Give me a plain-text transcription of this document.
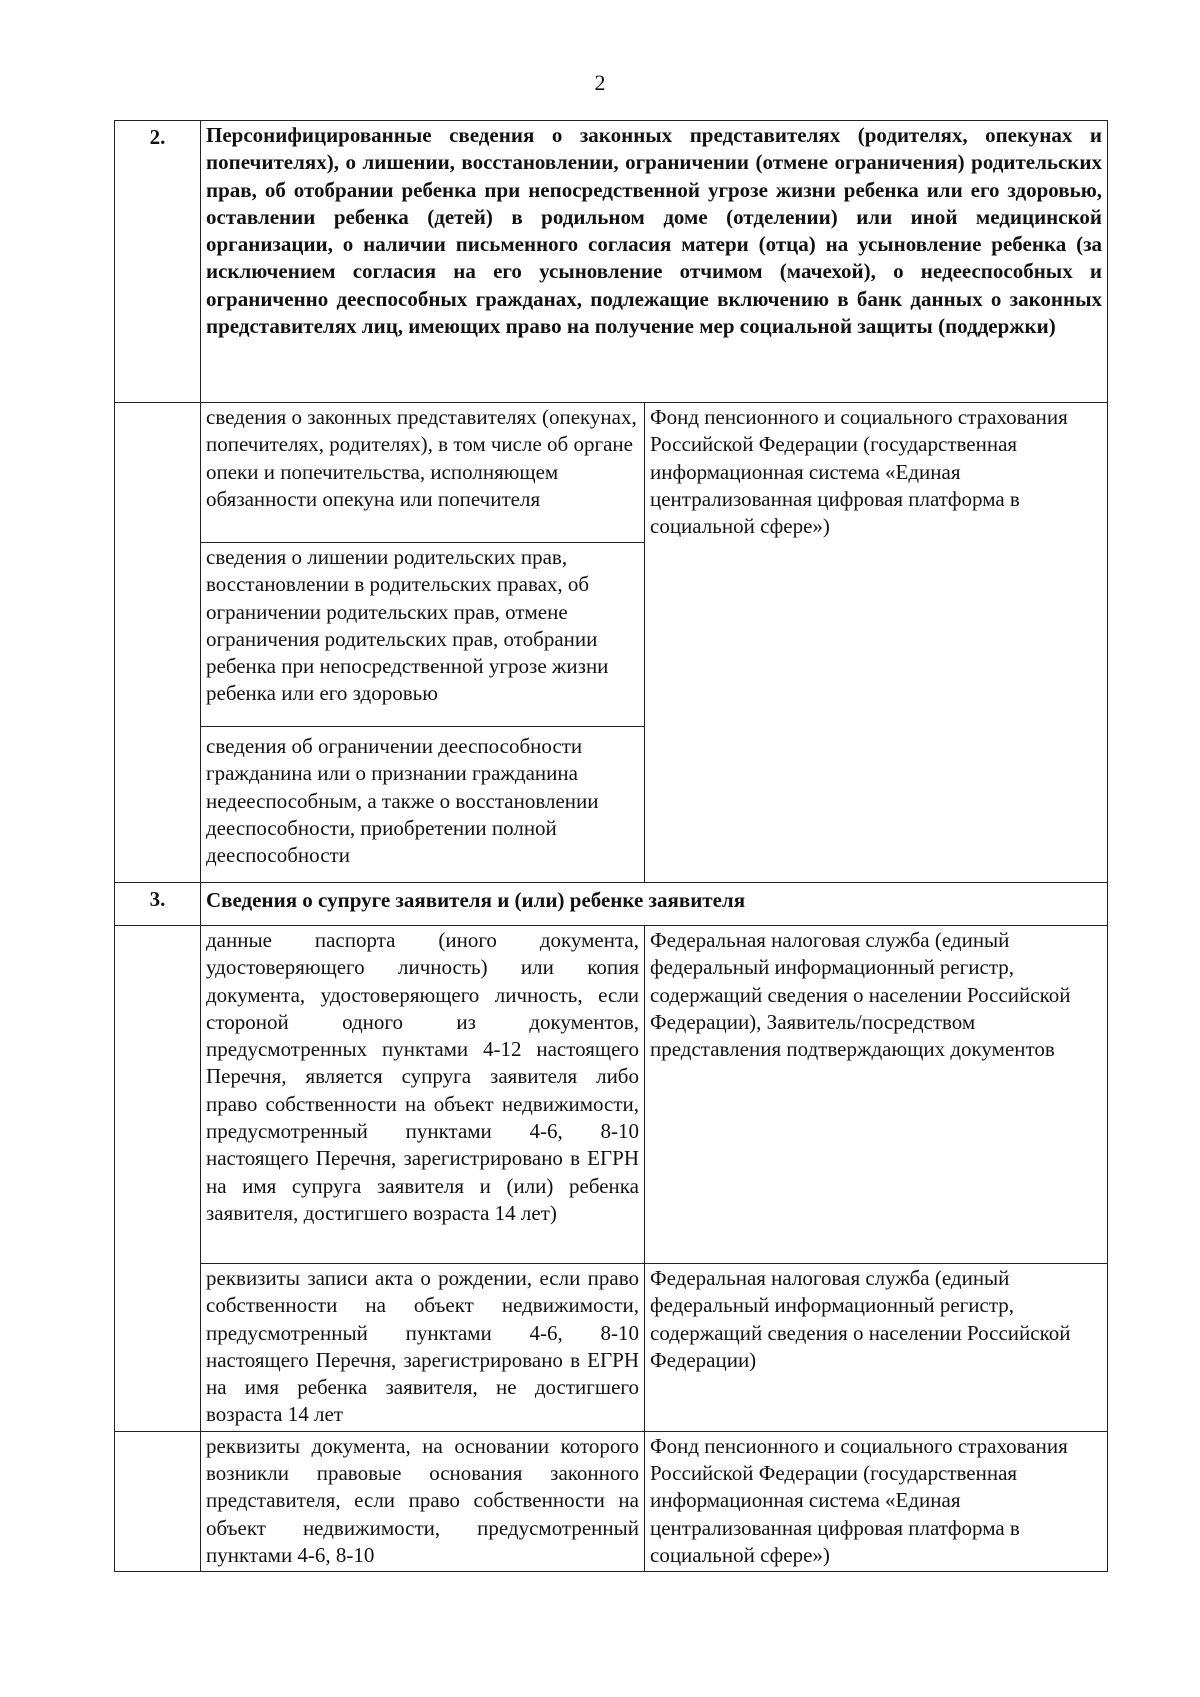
2
2.	Персонифицированные сведения о законных представителях (родителях, опекунах и попечителях), о лишении, восстановлении, ограничении (отмене ограничения) родительских прав, об отобрании ребенка при непосредственной угрозе жизни ребенка или его здоровью, оставлении ребенка (детей) в родильном доме (отделении) или иной медицинской организации, о наличии письменного согласия матери (отца) на усыновление ребенка (за исключением согласия на его усыновление отчимом (мачехой), о недееспособных и ограниченно дееспособных гражданах, подлежащие включению в банк данных о законных представителях лиц, имеющих право на получение мер социальной защиты (поддержки)	
	сведения о законных представителях (опекунах, попечителях, родителях), в том числе об органе опеки и попечительства, исполняющем обязанности опекуна или попечителя	Фонд пенсионного и социального страхования Российской Федерации (государственная информационная система «Единая централизованная цифровая платформа в социальной сфере»)
	сведения о лишении родительских прав, восстановлении в родительских правах, об ограничении родительских прав, отмене ограничения родительских прав, отобрании ребенка при непосредственной угрозе жизни ребенка или его здоровью	
	сведения об ограничении дееспособности гражданина или о признании гражданина недееспособным, а также о восстановлении дееспособности, приобретении полной дееспособности	
3.	Сведения о супруге заявителя и (или) ребенке заявителя	
	данные паспорта (иного документа, удостоверяющего личность) или копия документа, удостоверяющего личность, если стороной одного из документов, предусмотренных пунктами 4-12 настоящего Перечня, является супруга заявителя либо право собственности на объект недвижимости, предусмотренный пунктами 4-6, 8-10 настоящего Перечня, зарегистрировано в ЕГРН на имя супруга заявителя и (или) ребенка заявителя, достигшего возраста 14 лет)	Федеральная налоговая служба (единый федеральный информационный регистр, содержащий сведения о населении Российской Федерации), Заявитель/посредством представления подтверждающих документов
	реквизиты записи акта о рождении, если право собственности на объект недвижимости, предусмотренный пунктами 4-6, 8-10 настоящего Перечня, зарегистрировано в ЕГРН на имя ребенка заявителя, не достигшего возраста 14 лет	Федеральная налоговая служба (единый федеральный информационный регистр, содержащий сведения о населении Российской Федерации)
	реквизиты документа, на основании которого возникли правовые основания законного представителя, если право собственности на объект недвижимости, предусмотренный пунктами 4-6, 8-10	Фонд пенсионного и социального страхования Российской Федерации (государственная информационная система «Единая централизованная цифровая платформа в социальной сфере»)
